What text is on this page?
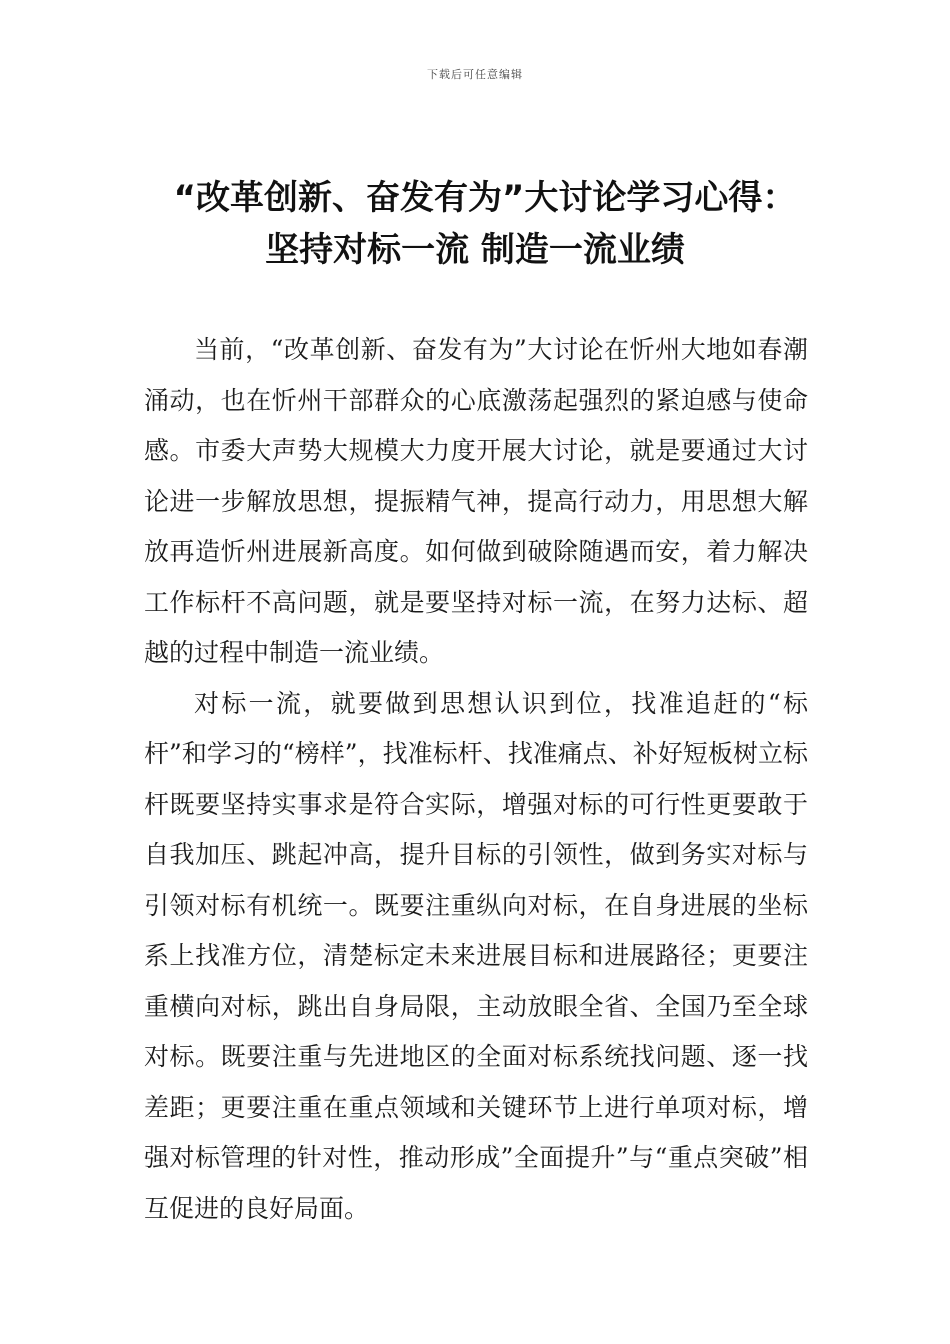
下载后可任意编辑
“改革创新、奋发有为”大讨论学习心得：
坚持对标一流 制造一流业绩

当前，“改革创新、奋发有为”大讨论在忻州大地如春潮涌动，也在忻州干部群众的心底激荡起强烈的紧迫感与使命感。市委大声势大规模大力度开展大讨论，就是要通过大讨论进一步解放思想，提振精气神，提高行动力，用思想大解放再造忻州进展新高度。如何做到破除随遇而安，着力解决工作标杆不高问题，就是要坚持对标一流，在努力达标、超越的过程中制造一流业绩。

对标一流，就要做到思想认识到位，找准追赶的“标杆”和学习的“榜样”，找准标杆、找准痛点、补好短板树立标杆既要坚持实事求是符合实际，增强对标的可行性更要敢于自我加压、跳起冲高，提升目标的引领性，做到务实对标与引领对标有机统一。既要注重纵向对标，在自身进展的坐标系上找准方位，清楚标定未来进展目标和进展路径；更要注重横向对标，跳出自身局限，主动放眼全省、全国乃至全球对标。既要注重与先进地区的全面对标系统找问题、逐一找差距；更要注重在重点领域和关键环节上进行单项对标，增强对标管理的针对性，推动形成”全面提升”与“重点突破”相互促进的良好局面。
